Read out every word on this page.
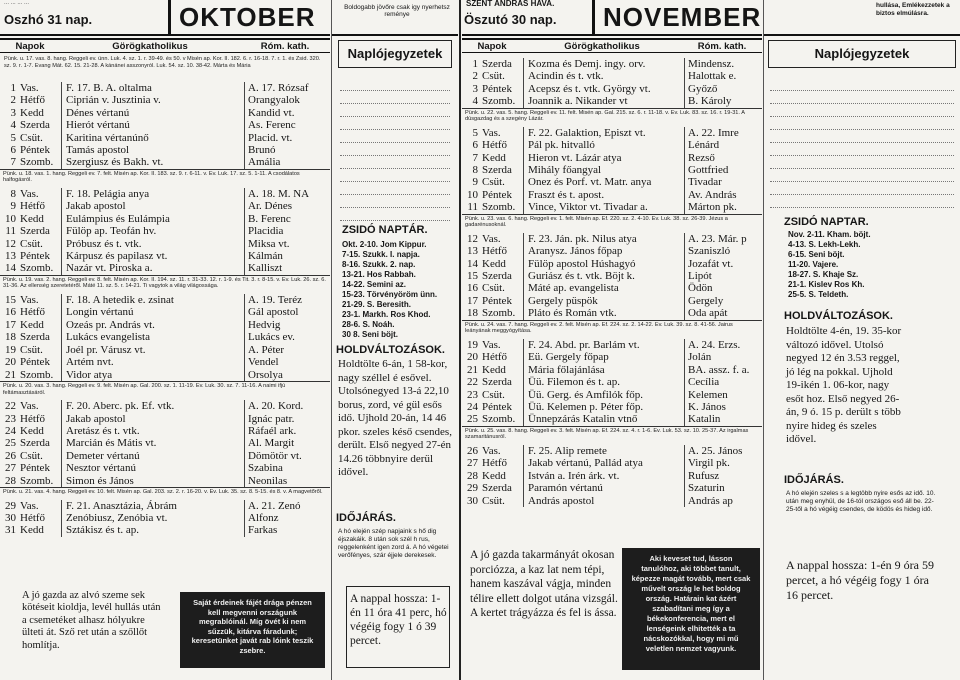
... ... ... ...
Oszhó 31 nap.	OKTOBER
Napok	Görögkatholikus	Róm. kath.
Pünk. u. 17. vas. 8. hang. Reggeli ev. ünn. Luk. 4. sz. 1. r. 39-49. és 50. v Misén ap. Kor. II. 182. 6. r. 16-18. 7. r. 1. és Zsid. 320. sz. 9. r. 1-7. Evang Mát. 62. 15. 21-28. A kánánei asszonyról. Luk. 54. sz. 10. 38-42. Márta és Mária
1 Vas.	F. 17. B. A. oltalma	A. 17. Rózsaf
2 Hétfő	Ciprián v. Jusztinia v.	Orangyalok
3 Kedd	Dénes vértanú	Kandid vt.
4 Szerda	Hierót vértanú	As. Ferenc
5 Csüt.	Karitina vértanúnő	Placid. vt.
6 Péntek	Tamás apostol	Brunó
7 Szomb.	Szergiusz és Bakh. vt.	Amália
Pünk. u. 18. vas. 1. hang. Reggeli ev. 7. felt. Misén ap. Kor. II. 183. sz. 9. r. 6-11. v. Ev. Luk. 17. sz. 5. 1-11. A csodálatos halfogásról.
8 Vas.	F. 18. Pelágia anya	A. 18. M. NA
9 Hétfő	Jakab apostol	Ar. Dénes
10 Kedd	Eulámpius és Eulámpia	B. Ferenc
11 Szerda	Fülöp ap. Teofán hv.	Placidia
12 Csüt.	Próbusz és t. vtk.	Miksa vt.
13 Péntek	Kárpusz és papilasz vt.	Kálmán
14 Szomb.	Nazár vt. Piroska a.	Kalliszt
Pünk. u. 19. vas. 2. hang. Reggeli ev. 8. felt. Misén ap. Kor. II. 194. sz. 11. r. 31-33. 12. r. 1-9. és Tit. 3. r. 8-15. v. Ev. Luk. 26. sz. 6. 31-36. Az ellenség szeretetéről. Máté 11. sz. 5. r. 14-21. Ti vagytok a világ világossága.
15 Vas.	F. 18. A hetedik e. zsinat	A. 19. Teréz
16 Hétfő	Longin vértanú	Gál apostol
17 Kedd	Ozeás pr. András vt.	Hedvig
18 Szerda	Lukács evangelista	Lukács ev.
19 Csüt.	Joél pr. Várusz vt.	A. Péter
20 Péntek	Artém nvt.	Vendel
21 Szomb.	Vidor atya	Orsolya
Pünk. u. 20. vas. 3. hang. Reggeli ev. 9. felt. Misén ap. Gal. 200. sz. 1. 11-19. Ev. Luk. 30. sz. 7. 11-16. A naimi ifjú feltámasztásáról.
22 Vas.	F. 20. Aberc. pk. Ef. vtk.	A. 20. Kord.
23 Hétfő	Jakab apostol	Ignác patr.
24 Kedd	Aretász és t. vtk.	Ráfaél ark.
25 Szerda	Marcián és Mátis vt.	Al. Margit
26 Csüt.	Demeter vértanú	Dömötör vt.
27 Péntek	Nesztor vértanú	Szabina
28 Szomb.	Simon és János	Neonilas
Pünk. u. 21. vas. 4. hang. Reggeli ev. 10. felt. Misén ap. Gal. 203. sz. 2. r. 16-20. v. Ev. Luk. 35. sz. 8. 5-15. és 8. v. A magvetőről.
29 Vas.	F. 21. Anasztázia, Ábrám	A. 21. Zenó
30 Hétfő	Zenóbiusz, Zenóbia vt.	Alfonz
31 Kedd	Sztákisz és t. ap.	Farkas
A jó gazda az alvó szeme sek kötéseit kioldja, levél hullás után a csemetéket alhasz hólyukre ülteti át. Sző ret után a szőllőt homlítja.
Saját érdeinek fájét drága pénzen kell megvenni országunk megrablóinál. Míg övét ki nem sűzzük, kitárva fáradunk; keresetünket javát rab lóink teszik zsebre.
Boldogabb jövőre csak igy nyerhetsz reménye
Naplójegyzetek
ZSIDÓ NAPTÁR.
Okt. 2-10. Jom Kippur.
7-15. Szukk. I. napja.
8-16. Szukk. 2. nap.
13-21. Hos Rabbah.
14-22. Semini az.
15-23. Törvényöröm ünn.
21-29. S. Beresith.
23-1. Markh. Ros Khod.
28-6. S. Noáh.
30 8. Seni böjt.
HOLDVÁLTOZÁSOK.
Holdtölte 6-án, 1 58-kor, nagy széllel é esővel. Utolsónegyed 13-á 22,10 borus, zord, vé gül esős idő. Ujhold 20-án, 14 46 pkor. szeles késő csendes, derült. Első negyed 27-én 14.26 többnyire derül idővel.
IDŐJÁRÁS.
A hó elején szép napjaink s hő dig éjszakáik. 8 után sok szél h rus, reggelenként igen zord á. A hó végetei verőfényes, szár éjjele derekesek.
A nappal hossza: 1-én 11 óra 41 perc, hó végéig fogy 1 ó 39 percet.
SZENT ANDRÁS HAVA.
Öszutó 30 nap.	NOVEMBER
Napok	Görögkatholikus	Róm. kath.
1 Szerda	Kozma és Demj. ingy. orv.	Mindensz.
2 Csüt.	Acindin és t. vtk.	Halottak e.
3 Péntek	Acepsz és t. vtk. György vt.	Győző
4 Szomb.	Joannik a. Nikander vt	B. Károly
Pünk. u. 22. vas. 5. hang. Reggeli ev. 11. felt. Misén ap. Gal. 215. sz. 6. r. 11-18. v. Ev. Luk. 83. sz. 16. r. 19-31. A dúsgazdag és a szegény Lázár.
5 Vas.	F. 22. Galaktion, Episzt vt.	A. 22. Imre
6 Hétfő	Pál pk. hitvalló	Lénárd
7 Kedd	Hieron vt. Lázár atya	Rezső
8 Szerda	Mihály főangyal	Gottfried
9 Csüt.	Onez és Porf. vt. Matr. anya	Tivadar
10 Péntek	Fraszt és t. apost.	Av. András
11 Szomb.	Vince, Viktor vt. Tivadar a.	Márton pk.
Pünk. u. 23. vas. 6. hang. Reggeli ev. 1. felt. Misén ap. Ef. 220. sz. 2. 4-10. Ev. Luk. 38. sz. 26-39. Jézus a gadarénusoknál.
12 Vas.	F. 23. Ján. pk. Nilus atya	A. 23. Már. p
13 Hétfő	Aranysz. János főpap	Szaniszló
14 Kedd	Fülöp apostol Húshagyó	Jozafát vt.
15 Szerda	Guriász és t. vtk. Böjt k.	Lipót
16 Csüt.	Máté ap. evangelista	Ödön
17 Péntek	Gergely püspök	Gergely
18 Szomb.	Pláto és Román vtk.	Oda apát
Pünk. u. 24. vas. 7. hang. Reggeli ev. 2. felt. Misén ap. Ef. 224. sz. 2. 14-22. Ev. Luk. 39. sz. 8. 41-56. Jairus leányának meggyógyítása.
19 Vas.	F. 24. Abd. pr. Barlám vt.	A. 24. Erzs.
20 Hétfő	Eü. Gergely főpap	Jolán
21 Kedd	Mária főlajánlása	BA. assz. f. a.
22 Szerda	Üü. Filemon és t. ap.	Cecília
23 Csüt.	Üü. Gerg. és Amfilók főp.	Kelemen
24 Péntek	Üü. Kelemen p. Péter főp.	K. János
25 Szomb.	Ünnepzárás Katalin vtnő	Katalin
Pünk. u. 25. vas. 8. hang. Reggeli ev. 3. felt. Misén ap. Ef. 224. sz. 4. r. 1-6. Ev. Luk. 53. sz. 10. 25-37. Az irgalmas szamaritánusról.
26 Vas.	F. 25. Alip remete	A. 25. János
27 Hétfő	Jakab vértanú, Pallád atya	Virgil pk.
28 Kedd	István a. Irén árk. vt.	Rufusz
29 Szerda	Paramón vértanú	Szaturin
30 Csüt.	András apostol	András ap
A jó gazda takarmányát okosan porciózza, a kaz lat nem tépi, hanem kaszával vágja, minden télire ellett dolgot utána vizsgál. A kertet trágyázza és fel is ássa.
Aki keveset tud, lásson tanulóhoz, aki többet tanult, képezze magát tovább, mert csak művelt ország le het boldog ország. Határain kat ázért szabadítani meg így a békekonferencia, mert el lenségeink elhitették a ta nácskozókkal, hogy mi mű veletlen nemzet vagyunk.
hullása, Emlékezzetek a biztos elmúlásra.
Naplójegyzetek
ZSIDÓ NAPTAR.
Nov. 2-11. Kham. böjt.
4-13. S. Lekh-Lekh.
6-15. Seni böjt.
11-20. Vajere.
18-27. S. Khaje Sz.
21-1. Kislev Ros Kh.
25-5. S. Teldeth.
HOLDVÁLTOZÁSOK.
Holdtölte 4-én, 19. 35-kor változó idővel. Utolsó negyed 12 én 3.53 reggel, jó lég na pokkal. Ujhold 19-ikén 1. 06-kor, nagy esőt hoz. Első negyed 26-án, 9 ó. 15 p. derült s több nyire hideg és szeles idővel.
IDŐJÁRÁS.
A hó elején szeles s a legtöbb nyire esős az idő. 10. után meg enyhül, de 16-tól országos eső áll be. 22-25-től a hó végéig csendes, de ködös és hideg idő.
A nappal hossza: 1-én 9 óra 59 percet, a hó végéig fogy 1 óra 16 percet.
